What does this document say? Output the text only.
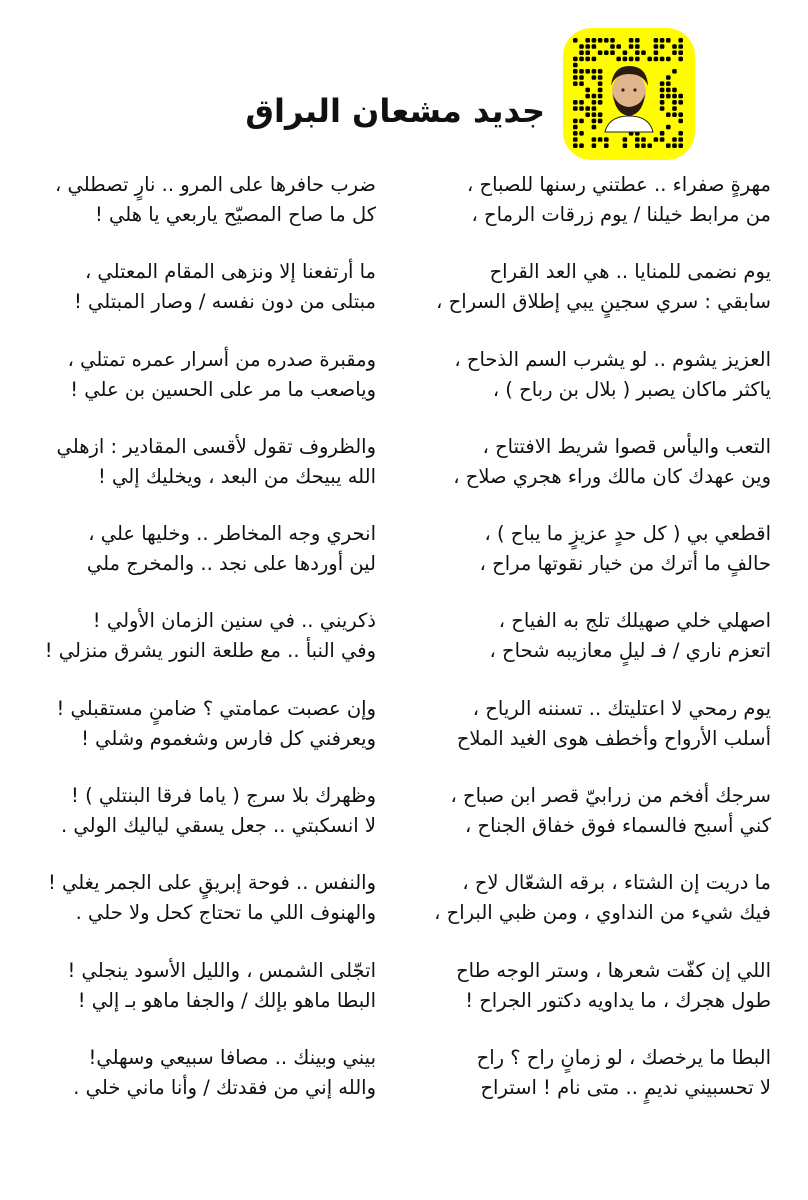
جديد مشعان البراق
مهرةٍ صفراء .. عطتني رسنها للصباح ،
من مرابط خيلنا / يوم زرقات الرماح ،
ضرب حافرها على المرو .. نارٍ تصطلي ،
كل ما صاح المصيّح ياربعي يا هلي !
يوم نضمى للمنايا .. هي العد القراح
سابقي : سري سجينٍ يبي إطلاق السراح ،
ما أرتفعنا إلا ونزهى المقام المعتلي ،
مبتلى من دون نفسه / وصار المبتلي !
العزيز يشوم .. لو يشرب السم الذحاح ،
ياكثر ماكان يصبر ( بلال بن رباح ) ،
ومقبرة صدره من أسرار عمره تمتلي ،
وياصعب ما مر على الحسين بن علي !
التعب واليأس قصوا شريط الافتتاح ،
وين عهدك كان مالك وراء هجري صلاح ،
والظروف تقول لأقسى المقادير : ازهلي
الله يبيحك من البعد ، ويخليك إلي !
اقطعي بي ( كل حدٍ عزيزٍ ما يباح ) ،
حالفٍ ما أترك من خيار نقوتها مراح ،
انحري وجه المخاطر .. وخليها علي ،
لين أوردها على نجد .. والمخرج ملي
اصهلي خلي صهيلك تلج به الفياح ،
اتعزم ناري / فـ ليلٍ معازيبه شحاح ،
ذكريني .. في سنين الزمان الأولي !
وفي النبأ .. مع طلعة النور يشرق منزلي !
يوم رمحي لا اعتليتك .. تسننه الرياح ،
أسلب الأرواح وأخطف هوى الغيد الملاح
وإن عصبت عمامتي ؟ ضامنٍ مستقبلي !
ويعرفني كل فارس وشغموم وشلي !
سرجك أفخم من زرابيّ قصر ابن صباح ،
كني أسبح فالسماء فوق خفاق الجناح ،
وظهرك بلا سرج ( ياما فرقا البنتلي ) !
لا انسكبتي .. جعل يسقي لياليك الولي .
ما دريت إن الشتاء ، برقه الشعّال لاح ،
فيك شيء من النداوي ، ومن ظبي البراح ،
والنفس .. فوحة إبريقٍ على الجمر يغلي !
والهنوف اللي ما تحتاج كحل ولا حلي .
اللي إن كفّت شعرها ، وستر الوجه طاح
طول هجرك ، ما يداويه دكتور الجراح !
اتجّلى الشمس ، والليل الأسود ينجلي !
البطا ماهو بإلك / والجفا ماهو بـ إلي !
البطا ما يرخصك ، لو زمانٍ راح ؟ راح
لا تحسبيني نديمٍ .. متى نام ! استراح
بيني وبينك .. مصافا سبيعي وسهلي!
والله إني من فقدتك / وأنا ماني خلي .
